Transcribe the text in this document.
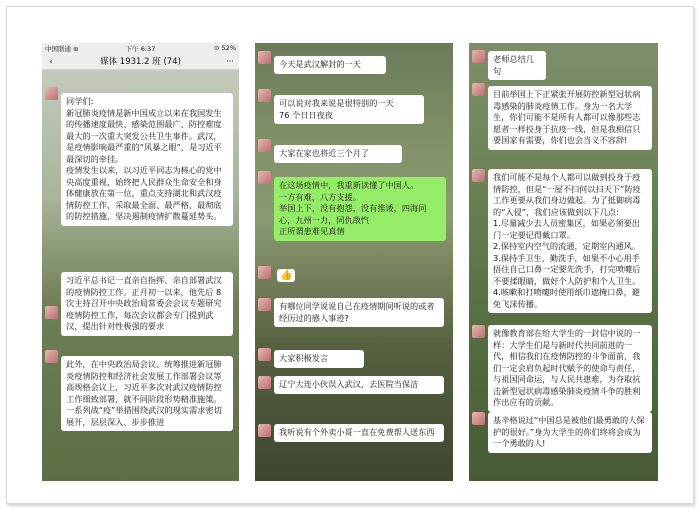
中国联通 ⊜	下午 6:37	⊙ 52%
‹	媒体 1931.2 班 (74)	···
同学们:
新冠肺炎疫情是新中国成立以来在我国发生的传播速度最快、感染范围最广、防控难度最大的一次重大突发公共卫生事件。武汉，是疫情影响最严重的“风暴之眼”，是习近平最深切的牵挂。
疫情发生以来，以习近平同志为核心的党中央高度重视，始终把人民群众生命安全和身体健康放在第一位，重点支持湖北和武汉疫情防控工作，采取最全面、最严格、最彻底的防控措施，坚决遏制疫情扩散蔓延势头。
习近平总书记一直亲自指挥、亲自部署武汉的疫情防控工作。正月初一以来，他先后 8 次主持召开中央政治局常委会会议专题研究疫情防控工作，每次会议都会专门提到武汉，提出针对性极强的要求
此外，在中央政治局会议、统筹推进新冠肺炎疫情防控和经济社会发展工作部署会议等高规格会议上，习近平多次对武汉疫情防控工作细致部署，就不同阶段形势精准施策。一系列战“疫”举措围绕武汉的现实需求密切展开，层层深入、步步推进
今天是武汉解封的一天
可以说对我来说是很特别的一天
76 个日日夜夜
大家在家也将近三个月了
在这场疫情中，我重新读懂了中国人。
一方有难，八方支援。
举国上下，没有抱怨，没有推诿，四海同心，九州一力，同仇敌忾
正所谓患难见真情
👍
有哪位同学说说自己在疫情期间听说的或者经历过的感人事迹?
大家积极发言
辽宁大连小伙误入武汉，去医院当保洁
我听说有个外卖小哥一直在免费帮人送东西
老师总结几句
目前举国上下正紧张开展防控新型冠状病毒感染的肺炎疫情工作。身为一名大学生，你们可能不是所有人都可以像那些志愿者一样投身于抗疫一线，但是我相信只要国家有需要，你们也会当义不容辞!
我们可能不是每个人都可以做到投身于疫情防控，但是“一屋不扫何以扫天下”防疫工作更要从我们身边做起。为了抵御病毒的“入侵”，我们应该做到以下几点:
1.尽量减少去人员密集区，如果必须要出门一定要记得戴口罩。
2.保持室内空气的流通，定期室内通风。
3.保持手卫生，勤洗手，如果不小心用手捂住自己口鼻一定要先洗手，打完喷嚏后不要揉眼睛，做好个人防护和个人卫生。
4.咳嗽和打喷嚏时使用纸巾遮掩口鼻，避免飞沫传播。
就像教育部在给大学生的一封信中说的一样：大学生们是与新时代共同前进的一代，相信我们在疫情防控的斗争面前，我们一定会肩负起时代赋予的使命与责任，与祖国同命运，与人民共患难，为夺取抗击新型冠状病毒感染肺炎疫情斗争的胜利作出应有的贡献。
基辛格说过“中国总是被他们最勇敢的人保护的很好。”身为大学生的你们终将会成为一个勇敢的人!
